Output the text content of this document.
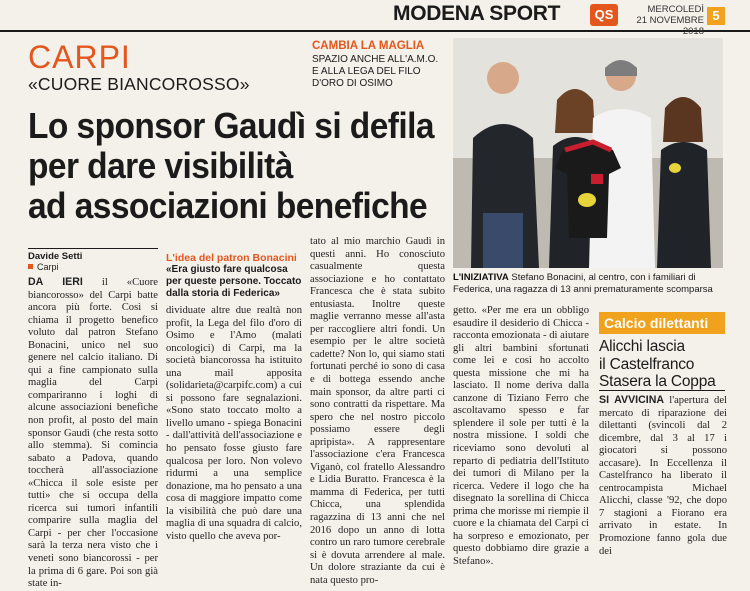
MODENA SPORT	QS	MERCOLEDÌ
21 NOVEMBRE 2018
5
CARPI
«CUORE BIANCOROSSO»
CAMBIA LA MAGLIA
SPAZIO ANCHE ALL'A.M.O. E ALLA LEGA DEL FILO D'ORO DI OSIMO
Lo sponsor Gaudì si defila
per dare visibilità
ad associazioni benefiche
L'INIZIATIVA Stefano Bonacini, al centro, con i familiari di Federica, una ragazza di 13 anni prematuramente scomparsa
Davide Setti
Carpi
DA IERI il «Cuore biancorosso» del Carpi batte ancora più forte. Così si chiama il progetto benefico voluto dal patron Stefano Bonacini, unico nel suo genere nel calcio italiano. Di qui a fine campionato sulla maglia del Carpi compariranno i loghi di alcune associazioni benefiche non profit, al posto del main sponsor Gaudì (che resta sotto allo stemma). Si comincia sabato a Padova, quando toccherà all'associazione «Chicca il sole esiste per tutti» che si occupa della ricerca sui tumori infantili comparire sulla maglia del Carpi - per cher l'occasione sarà la terza nera visto che i veneti sono biancorossi - per la prima di 6 gare. Poi son già state in-
L'idea del patron Bonacini
«Era giusto fare qualcosa per queste persone. Toccato dalla storia di Federica»
dividuate altre due realtà non profit, la Lega del filo d'oro di Osimo e l'Amo (malati oncologici) di Carpi, ma la società biancorossa ha istituito una mail apposita (solidarieta@carpifc.com) a cui si possono fare segnalazioni. «Sono stato toccato molto a livello umano - spiega Bonacini - dall'attività dell'associazione e ho pensato fosse giusto fare qualcosa per loro. Non volevo ridurmi a una semplice donazione, ma ho pensato a una cosa di maggiore impatto come la visibilità che può dare una maglia di una squadra di calcio, visto quello che aveva por-
tato al mio marchio Gaudì in questi anni. Ho conosciuto casualmente questa associazione e ho contattato Francesca che è stata subito entusiasta. Inoltre queste maglie verranno messe all'asta per raccogliere altri fondi. Un esempio per le altre società cadette? Non lo, qui siamo stati fortunati perché io sono di casa e di bottega essendo anche main sponsor, da altre parti ci sono contratti da rispettare. Ma spero che nel nostro piccolo possiamo essere degli apripista». A rappresentare l'associazione c'era Francesca Viganò, col fratello Alessandro e Lidia Buratto. Francesca è la mamma di Federica, per tutti Chicca, una splendida ragazzina di 13 anni che nel 2016 dopo un anno di lotta contro un raro tumore cerebrale si è dovuta arrendere al male. Un dolore straziante da cui è nata questo pro-
getto. «Per me era un obbligo esaudire il desiderio di Chicca - racconta emozionata - di aiutare gli altri bambini sfortunati come lei e così ho accolto questa missione che mi ha lasciato. Il nome deriva dalla canzone di Tiziano Ferro che ascoltavamo spesso e far splendere il sole per tutti è la nostra missione. I soldi che riceviamo sono devoluti al reparto di pediatria dell'Istituto dei tumori di Milano per la ricerca. Vedere il logo che ha disegnato la sorellina di Chicca prima che morisse mi riempie il cuore e la chiamata del Carpi ci ha sorpreso e emozionato, per questo dobbiamo dire grazie a Stefano».
Calcio dilettanti
Alicchi lascia
il Castelfranco
Stasera la Coppa
SI AVVICINA l'apertura del mercato di riparazione dei dilettanti (svincoli dal 2 dicembre, dal 3 al 17 i giocatori si possono accasare). In Eccellenza il Castelfranco ha liberato il centrocampista Michael Alicchi, classe '92, che dopo 7 stagioni a Fiorano era arrivato in estate. In Promozione fanno gola due dei
